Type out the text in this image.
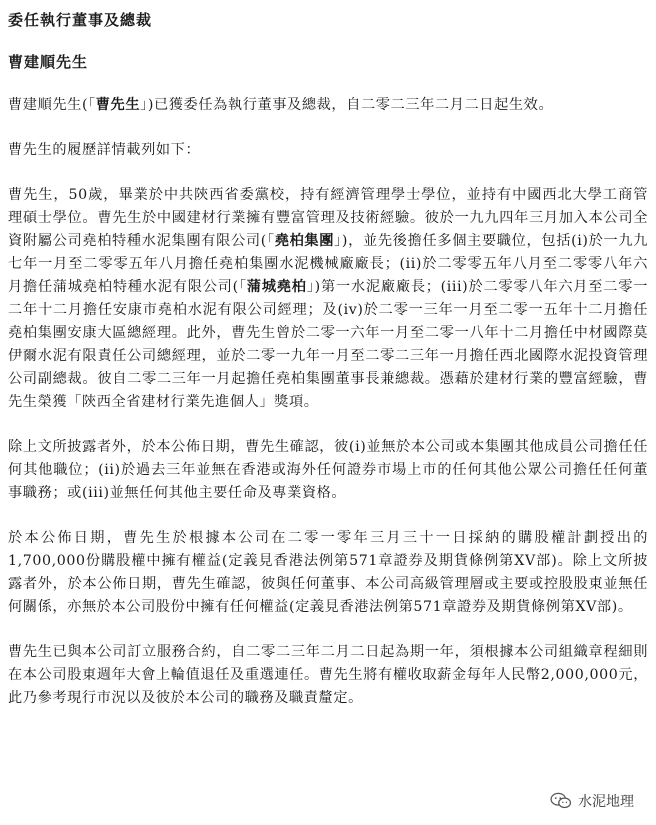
委任執行董事及總裁
曹建順先生

曹建順先生(「曹先生」)已獲委任為執行董事及總裁，自二零二三年二月二日起生效。

曹先生的履歷詳情載列如下：

曹先生，50歲，畢業於中共陝西省委黨校，持有經濟管理學士學位，並持有中國西北大學工商管理碩士學位。曹先生於中國建材行業擁有豐富管理及技術經驗。彼於一九九四年三月加入本公司全資附屬公司堯柏特種水泥集團有限公司(「堯柏集團」)，並先後擔任多個主要職位，包括(i)於一九九七年一月至二零零五年八月擔任堯柏集團水泥機械廠廠長；(ii)於二零零五年八月至二零零八年六月擔任蒲城堯柏特種水泥有限公司(「蒲城堯柏」)第一水泥廠廠長；(iii)於二零零八年六月至二零一二年十二月擔任安康市堯柏水泥有限公司經理；及(iv)於二零一三年一月至二零一五年十二月擔任堯柏集團安康大區總經理。此外，曹先生曾於二零一六年一月至二零一八年十二月擔任中材國際莫伊爾水泥有限責任公司總經理，並於二零一九年一月至二零二三年一月擔任西北國際水泥投資管理公司副總裁。彼自二零二三年一月起擔任堯柏集團董事長兼總裁。憑藉於建材行業的豐富經驗，曹先生榮獲「陝西全省建材行業先進個人」獎項。

除上文所披露者外，於本公佈日期，曹先生確認，彼(i)並無於本公司或本集團其他成員公司擔任任何其他職位；(ii)於過去三年並無在香港或海外任何證券市場上市的任何其他公眾公司擔任任何董事職務；或(iii)並無任何其他主要任命及專業資格。

於本公佈日期，曹先生於根據本公司在二零一零年三月三十一日採納的購股權計劃授出的1,700,000份購股權中擁有權益(定義見香港法例第571章證券及期貨條例第XV部)。除上文所披露者外，於本公佈日期，曹先生確認，彼與任何董事、本公司高級管理層或主要或控股股東並無任何關係，亦無於本公司股份中擁有任何權益(定義見香港法例第571章證券及期貨條例第XV部)。

曹先生已與本公司訂立服務合約，自二零二三年二月二日起為期一年，須根據本公司組織章程細則在本公司股東週年大會上輪值退任及重選連任。曹先生將有權收取薪金每年人民幣2,000,000元，此乃參考現行市況以及彼於本公司的職務及職責釐定。

水泥地理
